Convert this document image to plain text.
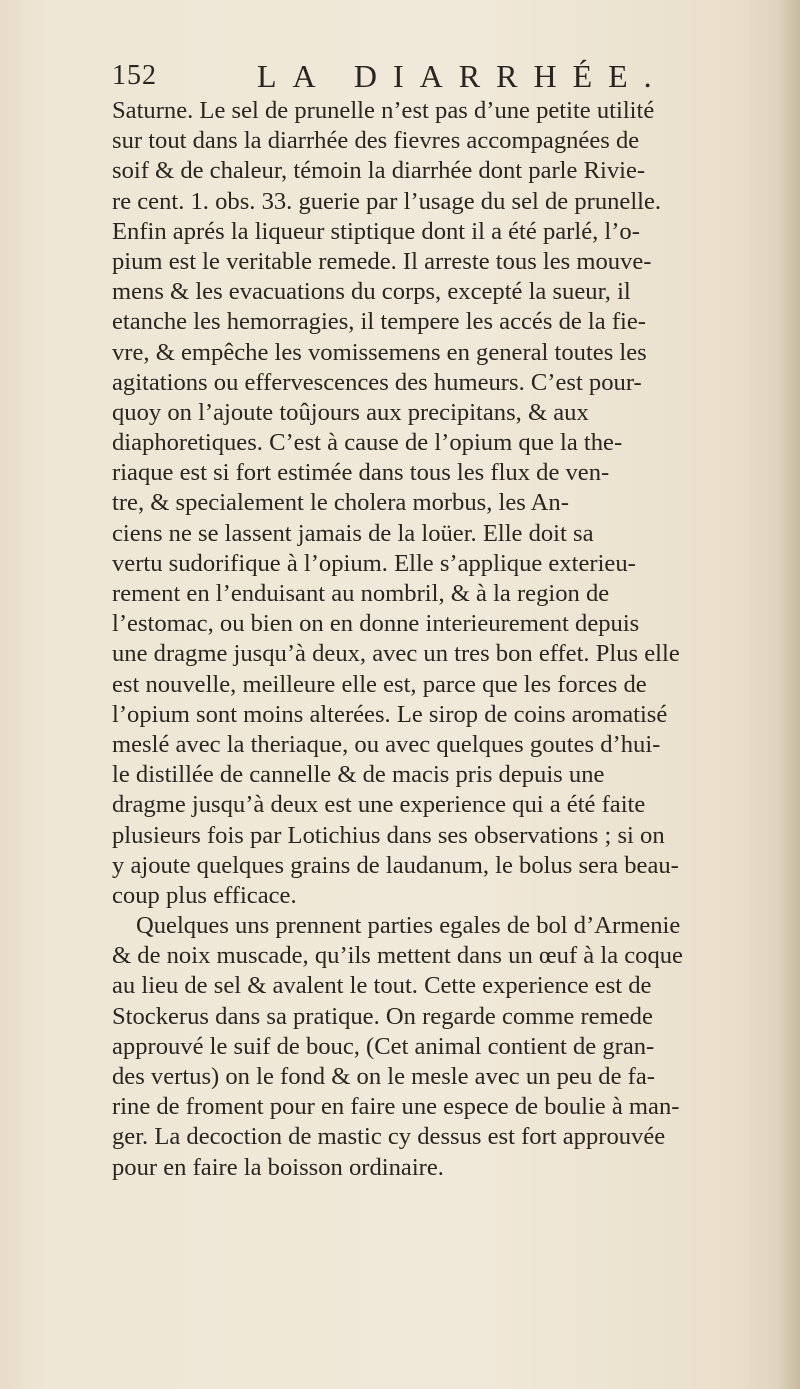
152	LA DIARRHÉE.
Saturne. Le sel de prunelle n’est pas d’une petite utilité
sur tout dans la diarrhée des fievres accompagnées de
soif & de chaleur, témoin la diarrhée dont parle Rivie-
re cent. 1. obs. 33. guerie par l’usage du sel de prunelle.
Enfin aprés la liqueur stiptique dont il a été parlé, l’o-
pium est le veritable remede. Il arreste tous les mouve-
mens & les evacuations du corps, excepté la sueur, il
etanche les hemorragies, il tempere les accés de la fie-
vre, & empêche les vomissemens en general toutes les
agitations ou effervescences des humeurs. C’est pour-
quoy on l’ajoute toûjours aux precipitans, & aux
diaphoretiques. C’est à cause de l’opium que la the-
riaque est si fort estimée dans tous les flux de ven-
tre, & specialement le cholera morbus, les An-
ciens ne se lassent jamais de la loüer. Elle doit sa
vertu sudorifique à l’opium. Elle s’applique exterieu-
rement en l’enduisant au nombril, & à la region de
l’estomac, ou bien on en donne interieurement depuis
une dragme jusqu’à deux, avec un tres bon effet. Plus elle
est nouvelle, meilleure elle est, parce que les forces de
l’opium sont moins alterées. Le sirop de coins aromatisé
meslé avec la theriaque, ou avec quelques goutes d’hui-
le distillée de cannelle & de macis pris depuis une
dragme jusqu’à deux est une experience qui a été faite
plusieurs fois par Lotichius dans ses observations ; si on
y ajoute quelques grains de laudanum, le bolus sera beau-
coup plus efficace.
Quelques uns prennent parties egales de bol d’Armenie
& de noix muscade, qu’ils mettent dans un œuf à la coque
au lieu de sel & avalent le tout. Cette experience est de
Stockerus dans sa pratique. On regarde comme remede
approuvé le suif de bouc, (Cet animal contient de gran-
des vertus) on le fond & on le mesle avec un peu de fa-
rine de froment pour en faire une espece de boulie à man-
ger. La decoction de mastic cy dessus est fort approuvée
pour en faire la boisson ordinaire.
